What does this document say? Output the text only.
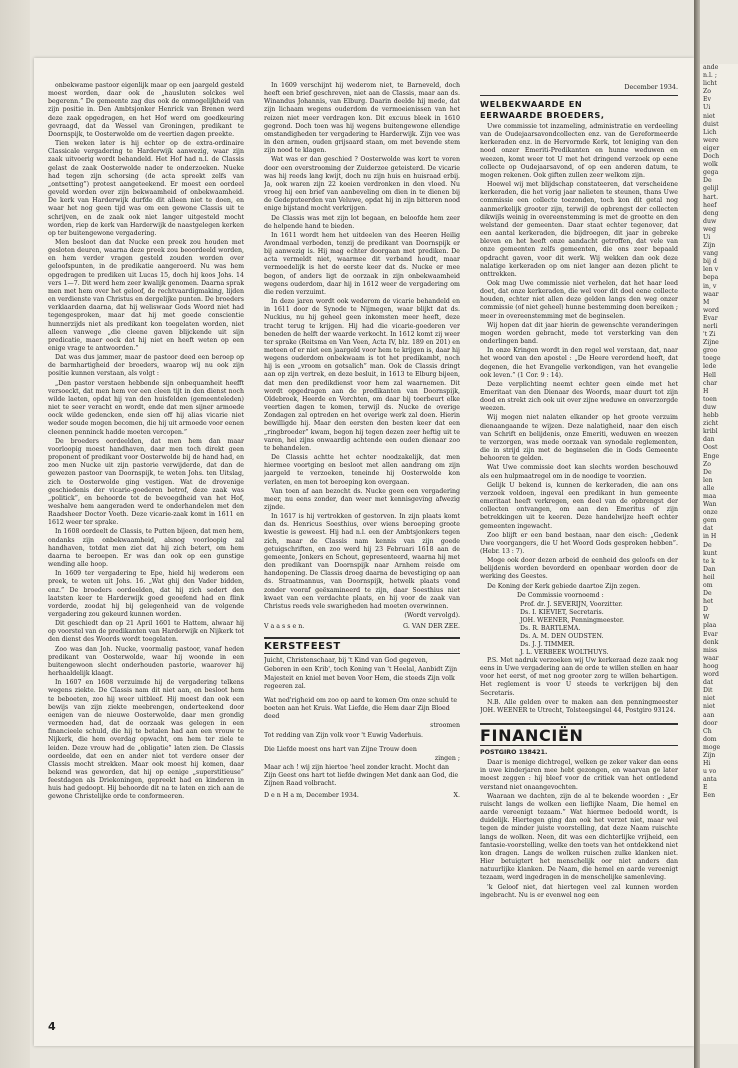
December 1934.

onbekwame pastoor eigenlijk maar op een jaargeld gesteld moest worden, daar ook de „hausluten solckes wel begerenn.” De gemeente zag dus ook de onmogelijkheid van zijn positie in. Den Ambtsjonker Henrick van Brenen werd deze zaak opgedragen, en het Hof werd om goedkeuring gevraagd, dat da Wessel van Groningen, predikant te Doornspijk, te Oosterwolde om de veertien dagen preekte.

Tien weken later is hij echter op de extra-ordinaire Classicale vergadering te Harderwijk aanwezig, waar zijn zaak uitvoerig wordt behandeld. Het Hof had n.l. de Classis gelast de zaak Oosterwolde nader te onderzoeken. Nueke had tegen zijn schorsing (de acta spreekt zelfs van „ontsetting”) protest aangeteekend. Er moest een oordeel geveld worden over zijn bekwaamheid of onbekwaamheid. De kerk van Harderwijk durfde dit alleen niet te doen, en waar het nog geen tijd was om een gewone Classis uit te schrijven, en de zaak ook niet langer uitgesteld mocht worden, riep de kerk van Harderwijk de naastgelegen kerken op ter buitengewone vergadering.

Men besloot dan dat Nucke een preek zou houden met gesloten deuren, waarna deze preek zou beoordeeld worden, en hem verder vragen gesteld zouden worden over geloofspunten, in de predikatie aangeroerd. Nu was hem opgedragen te prediken uit Lucas 15, doch hij koos Johs. 14 vers 1—7. Dit werd hem zeer kwalijk genomen. Daarna sprak men met hem over het geloof, de rechtvaardigmaking, lijden en verdienste van Christus en dergelijke punten. De broeders verklaarden daarna, dat hij weliswaar Gods Woord niet had tegengesproken, maar dat hij met goede conscientie hunnerzijds niet als predikant kon toegelaten worden, niet alleen vanwege „die cleene gaven blijckende uit sijn predicatie, maer oock dat hij niet en heeft weten op een enige vrage te antwoorden.”

Dat was dus jammer, maar de pastoor deed een beroep op de barmhartigheid der broeders, waarop wij nu ook zijn positie kunnen verstaan, als volgt :

„Den pastor verstaen hebbende sijn onbequamheit heefft versoeckt, dat men hem vor een cleen tijt in den dienst noch wilde laeten, opdat hij van den huisfelden (gemeenteleden) niet te seer veracht en wordt, ende dat men sijner armoede oock wilde gedencken, ende sien off hij alias vicarie niet weder soude mogen becomen, die hij uit armoede voor eenen cleenen penninck hadde moeten vercopen.”

De broeders oordeelden, dat men hem dan maar voorloopig moest handhaven, daar men toch direkt geen proponent of predikant voor Oosterwolde bij de hand had, en zoo men Nucke uit zijn pastorie verwijderde, dat dan de gewezen pastoor van Doornspijk, te weten Johs. ten Uitslag, zich te Oosterwolde ging vestigen. Wat de drovenige geschiedenis der vicarie-goederen betrof, deze zaak was „politick”, en behoorde tot de bevoegdheid van het Hof, weshalve hem aangeraden werd te onderhandelen met den Raadsheer Doctor Voeth. Deze vicarie-zaak komt in 1611 en 1612 weer ter sprake.

In 1608 oordeelt de Classis, te Putten bijeen, dat men hem, ondanks zijn onbekwaamheid, alsnog voorloopig zal handhaven, totdat men ziet dat hij zich betert, om hem daarna te beroepen. Er was dan ook op een gunstige wending alle hoop.

In 1609 ter vergadering te Epe, hield hij wederom een preek, te weten uit Johs. 16. „Wat ghij den Vader bidden, enz.” De broeders oordeelden, dat hij zich sedert den laatsten keer te Harderwijk goed geoefend had en flink vorderde, zoodat hij bij gelegenheid van de volgende vergadering zou gekeurd kunnen worden.

Dit geschiedt dan op 21 April 1601 te Hattem, alwaar hij op voorstel van de predikanten van Harderwijk en Nijkerk tot den dienst des Woords wordt toegelaten.

Zoo was dan Joh. Nucke, voormalig pastoor, vanaf heden predikant van Oosterwolde, waar hij woonde in een buitengewoon slecht onderhouden pastorie, waarover hij herhaaldelijk klaagt.

In 1607 en 1608 verzuimde hij de vergadering telkens wegens ziekte. De Classis nam dit niet aan, en besloot hem te beboeten, zoo hij weer uitbleef. Hij moest dan ook een bewijs van zijn ziekte meebrengen, onderteekend door eenigen van de nieuwe Oosterwolde, daar men grondig vermoeden had, dat de oorzaak was gelegen in een financieele schuld, die hij te betalen had aan een vrouw te Nijkerk, die hem overdag opwacht, om hem ter ziele te leiden. Deze vrouw had de „obligatie” laten zien. De Classis oordeelde, dat een en ander niet tot verdere onser der Classis mocht strekken. Maar ook moest hij komen, daar bekend was geworden, dat hij op eenige „superstitieuse” feestdagen als Driekoningen, gepreekt had en kinderen in huis had gedoopt. Hij behoorde dit na te laten en zich aan de gewone Christelijke orde te conformeeren.

In 1609 verschijnt hij wederom niet, te Barneveld, doch heeft een brief geschreven, niet aan de Classis, maar aan ds. Winandus Johannis, van Elburg. Daarin deelde hij mede, dat zijn lichaam wegens ouderdom de vermoeienissen van het reizen niet meer verdragen kon. Dit excuus bleek in 1610 gegrond. Doch toen was hij wegens buitengewone ellendige omstandigheden ter vergadering te Harderwijk. Zijn vee was in den armen, ouden grijsaard staan, om met bevende stem zijn nood te klagen.

Wat was er dan geschied ? Oosterwolde was kort te voren door een overstrooming der Zuiderzee geteisterd. De vicarie was hij reeds lang kwijt, doch nu zijn huis en huisraad erbij. Ja, ook waren zijn 22 koeien verdronken in den vloed. Nu vroeg hij een brief van aanbeveling om dien in te dienen bij de Gedeputeerden van Veluwe, opdat hij in zijn bitteren nood enige bijstand mocht verkrijgen.

De Classis was met zijn lot begaan, en beloofde hem zeer de helpende hand te bieden.

In 1611 wordt hem het uitdeelen van des Heeren Heilig Avondmaal verboden, tenzij de predikant van Doornspijk er bij aanwezig is. Hij mag echter doorgaan met prediken. De acta vermeldt niet, waarmee dit verband houdt, maar vermoedelijk is het de eerste keer dat ds. Nucke er mee begon, of anders ligt de oorzaak in zijn onbekwaamheid wegens ouderdom, daar hij in 1612 weer de vergadering om die reden verzuimt.

In deze jaren wordt ook wederom de vicarie behandeld en in 1611 door de Synode te Nijmegen, waar blijkt dat ds. Nuckius, nu hij geheel geen inkomsten meer heeft, deze tracht terug te krijgen. Hij had die vicarie-goederen ver beneden de helft der waarde verkocht. In 1612 komt zij weer ter sprake (Reitsma en Van Veen, Acta IV, blz. 189 en 201) en meteen of er niet een jaargeld voor hem te krijgen is, daar hij wegens ouderdom onbekwaam is tot het predikambt, noch hij is een „vroom en gotsalich” man. Ook de Classis dringt aan op zijn vertrek, en deze besluit, in 1613 te Elburg bijeen, dat men den predikdienst voor hem zal waarnemen. Dit wordt opgedragen aan de predikanten van Doornspijk, Oldebroek, Heerde en Vorchten, om daar bij toerbeurt elke veertien dagen te komen, terwijl ds. Nucke de overige Zondagen zal optreden en het overige werk zal doen. Hierin bewilligde hij. Maar den eersten den besten keer dat een „ringbroeder” kwam, begon hij tegen dezen zeer heftig uit te varen, hei zijns onwaardig achtende een ouden dienaar zoo te behandelen.

De Classis achtte het echter noodzakelijk, dat men hiermee voortging en besloot met allen aandrang om zijn jaargeld te verzoeken, teneinde hij Oosterwolde kon verlaten, en men tot beroeping kon overgaan.

Van toen af aan bezocht ds. Nucke geen een vergadering meer, nu eens zonder, dan weer met kennisgeving afwezig zijnde.

In 1617 is hij vertrokken of gestorven. In zijn plaats komt dan ds. Henricus Soesthius, over wiens beroeping groote kwestie is geweest. Hij had n.l. een der Ambtsjonkers tegen zich, maar de Classis nam kennis van zijn goede getuigschriften, en zoo werd hij 23 Februari 1618 aan de gemeente, Jonkers en Schout, gepresenteerd, waarna hij met den predikant van Doornspijk naar Arnhem reisde om handopening. De Classis droeg daarna de bevestiging op aan ds. Straatmannus, van Doornspijk, hetwelk plaats vond zonder vooraf geëxamineerd te zijn, daar Soesthius niet kwaet van een verdachte plaats, en hij voor de zaak van Christus reeds vele swarigheden had moeten overwinnen.

(Wordt vervolgd).

V a a s s e n.	G. VAN DER ZEE.
KERSTFEEST

Juicht, Christenschaar, bij 't Kind van God gegeven,

Geboren in een Krib', toch Koning van 't Heelal, Aanbidt Zijn Majesteit en kniel met beven Voor Hem, die steeds Zijn volk regeeren zal.

Wat ned'righeid om zoo op aard te komen Om onze schuld te boeten aan het Kruis. Wat Liefde, die Hem daar Zijn Bloed deed

stroomen

Tot redding van Zijn volk voor 't Euwig Vaderhuis.

Die Liefde moest ons hart van Zijne Trouw doen

zingen ;

Maar ach ! wij zijn hiertoe 'heel zonder kracht. Mocht dan Zijn Geest ons hart tot liefde dwingen Met dank aan God, die Zijnen Raad volbracht.

D e n H a m, December 1934.	X.
WELBEKWAARDE EN
EERWAARDE BROEDERS,

Uwe commissie tot inzameling, administratie en verdeeling van de Oudejaarsavondcollecten enz. van de Gereformeerde kerkeraden enz. in de Hervormde Kerk, tot leniging van den nood onzer Emeriti-Predikanten en hunne weduwen en weezen, komt weer tot U met het dringend verzoek op eene collecte op Oudejaarsavond, of op een anderen datum, te mogen rekenen. Ook giften zullen zeer welkom zijn.

Hoewel wij met blijdschap constateeren, dat verscheidene kerkeraden, die het vorig jaar nalieten te steunen, thans Uwe commissie een collecte toezonden, toch kon dit getal nog aanmerkelijk grooter zijn, terwijl de opbrengst der collecten dikwijls weinig in overeenstemming is met de grootte en den welstand der gemeenten. Daar staat echter tegenover, dat een aantal kerkeraden, die bijdroegen, dit jaar in gebreke bleven en het heeft onze aandacht getroffen, dat vele van onze gemeenten zelfs gemeenten, die ons zeer bepaald opdracht gaven, voor dit werk. Wij wekken dan ook deze nalatige kerkeraden op om niet langer aan dezen plicht te onttrekken.

Ook mag Uwe commissie niet verhelen, dat het haar leed doet, dat onze kerkeraden, die wel voor dit doel eene collecte houden, echter niet allen deze gelden langs den weg onzer commissie (of niet geheel) hunne bestemming doen bereiken ; meer in overeenstemming met de beginselen.

Wij hopen dat dit jaar hierin de gewenschte veranderingen mogen worden gebracht, mede tot versterking van den onderlingen band.

In onze Kringen wordt in den regel wel verstaan, dat, naar het woord van den apostel : „De Heere verordend heeft, dat degenen, die het Evangelie verkondigen, van het evangelie ook leven.” (1 Cor. 9 : 14).

Deze verplichting neemt echter geen einde met het Emeritaat van den Dienaar des Woords, maar duurt tot zijn dood en strekt zich ook uit over zijne weduwe en onverzorgde weezen.

Wij mogen niet nalaten elkander op het groote verzuim dienaangaande te wijzen. Deze nalatigheid, naar den eisch van Schrift en belijdenis, onze Emeriti, weduwen en weezen te verzorgen, was mede oorzaak van synodale reglementen, die in strijd zijn met de beginselen die in Gods Gemeente behooren te gelden.

Wat Uwe commissie doet kan slechts worden beschouwd als een hulpmaatregel om in de noodige te voorzien.

Gelijk U bekend is, kunnen de kerkeraden, die aan ons verzoek voldoen, ingeval een predikant in hun gemeente emeritaat heeft verkregen, een deel van de opbrengst der collecten ontvangen, om aan den Emeritus of zijn betrekkingen uit te keeren. Deze handelwijze heeft echter gemeenten ingewacht.

Zoo blijft er een band bestaan, naar den eisch: „Gedenk Uwe voorgangers, die U het Woord Gods gesproken hebben”. (Hebr. 13 : 7).

Moge ook door dezen arbeid de eenheid des geloofs en der belijdenis worden bevorderd en openbaar worden door de werking des Geestes.

De Koning der Kerk gebiede daartoe Zijn zegen.

De Commissie voornoemd :

Prof. dr. J. SEVERIJN, Voorzitter.
Ds. I. KIEVIET, Secretaris.
JOH. WEENER, Penningmeester.
Ds. R. BARTLEMA.
Ds. A. M. DEN OUDSTEN.
Ds. J. J. TIMMER.
J. L. VERBEEK WOLTHUYS.

P.S. Met nadruk verzoeken wij Uw kerkeraad deze zaak nog eens in Uwe vergadering aan de orde te willen stellen en haar voor het eerst, of met nog grooter zorg te willen behartigen. Het reglement is voor U steeds te verkrijgen bij den Secretaris.

N.B. Alle gelden over te maken aan den penningmeester JOH. WEENER te Utrecht, Tolsteegsingel 44, Postgiro 93124.

FINANCIËN
POSTGIRO 138421.

Daar is menige dichtregel, welken ge zeker vaker dan eens in uwe kinderjaren mee hebt gezongen, en waarvan ge later moest zeggen : hij bleef voor de critiek van het ontledend verstand niet onaangevochten.

Waaraan we dachten, zijn de al te bekende woorden : „Er ruischt langs de wolken een lieflijke Naam, Die hemel en aarde vereenigt tezaam.” Wat hiermee bedoeld wordt, is duidelijk. Hiertegen ging dan ook het verzet niet, maar wel tegen de minder juiste voorstelling, dat deze Naam ruischte langs de wolken. Neen, dit was een dichterlijke vrijheid, een fantasie-voorstelling, welke den toets van het ontdekkend niet kon dragen. Langs de wolken ruischen zulke klanken niet. Hier betuigtert het menschelijk oor niet anders dan natuurlijke klanken. De Naam, die hemel en aarde vereenigt tezaam, werd ingedragen in de menschelijke samenleving.

'k Geloof niet, dat hiertegen veel zal kunnen worden ingebracht. Nu is er evenwel nog een

4

ande

n.l. ;

licht

Zo

Ev

Ui

niet

duist

Lich

were

eiger

Doch

wolk

gega

De

gelijl

hart.

heef

deng

duw

weg

Ui

Zijn

vang

bij d

len v

bepa

in, v

waar

M

word

Evar

nerli

't Zi

Zijne

groo

toege

lede

Hell

char

H

toen

duw

hebb

zicht

kribl

dan

Oost

Enge

Zo

De

len

alle

maa

Wan

onze

gem

dat

in H

De

kunt

te k

Dan

heil

om

De

het

D

W

plaa

Evar

denk

miss

waar

hoog

word

dat

Dit

niet

niet

aan

door

Ch

dom

moge

Zijn

Hi

u vo

anta

E

Een
